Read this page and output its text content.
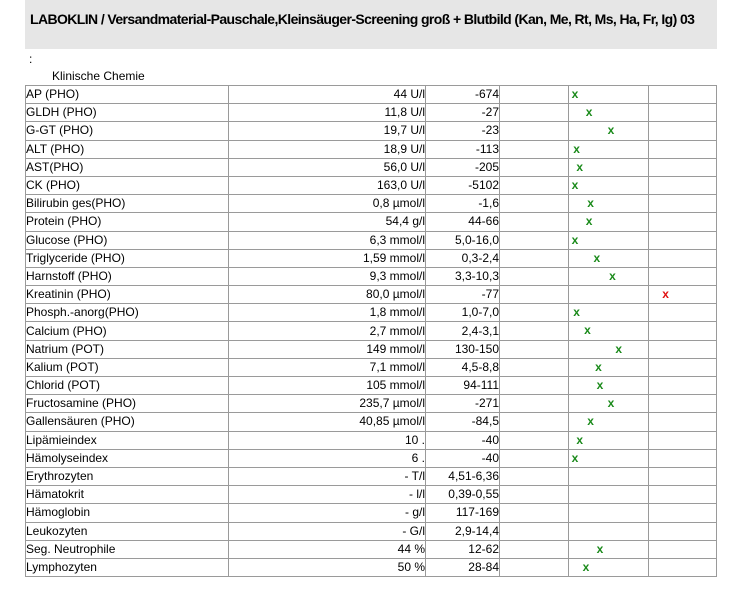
LABOKLIN / Versandmaterial-Pauschale,Kleinsäuger-Screening groß + Blutbild (Kan, Me, Rt, Ms, Ha, Fr, Ig) 03
:
Klinische Chemie
AP (PHO)	44 U/l	-674		x	

GLDH (PHO)	11,8 U/l	-27		x	

G-GT (PHO)	19,7 U/l	-23		x	

ALT (PHO)	18,9 U/l	-113		x	

AST(PHO)	56,0 U/l	-205		x	

CK (PHO)	163,0 U/l	-5102		x	

Bilirubin ges(PHO)	0,8 µmol/l	-1,6		x	

Protein (PHO)	54,4 g/l	44-66		x	

Glucose (PHO)	6,3 mmol/l	5,0-16,0		x	

Triglyceride (PHO)	1,59 mmol/l	0,3-2,4		x	

Harnstoff (PHO)	9,3 mmol/l	3,3-10,3		x	

Kreatinin (PHO)	80,0 µmol/l	-77			x

Phosph.-anorg(PHO)	1,8 mmol/l	1,0-7,0		x	

Calcium (PHO)	2,7 mmol/l	2,4-3,1		x	

Natrium (POT)	149 mmol/l	130-150		x	

Kalium (POT)	7,1 mmol/l	4,5-8,8		x	

Chlorid (POT)	105 mmol/l	94-111		x	

Fructosamine (PHO)	235,7 µmol/l	-271		x	

Gallensäuren (PHO)	40,85 µmol/l	-84,5		x	

Lipämieindex	10 .	-40		x	

Hämolyseindex	6 .	-40		x	

Erythrozyten	- T/l	4,51-6,36			
Hämatokrit	- l/l	0,39-0,55			
Hämoglobin	- g/l	117-169			
Leukozyten	- G/l	2,9-14,4			
Seg. Neutrophile	44 %	12-62		x	

Lymphozyten	50 %	28-84		x	
